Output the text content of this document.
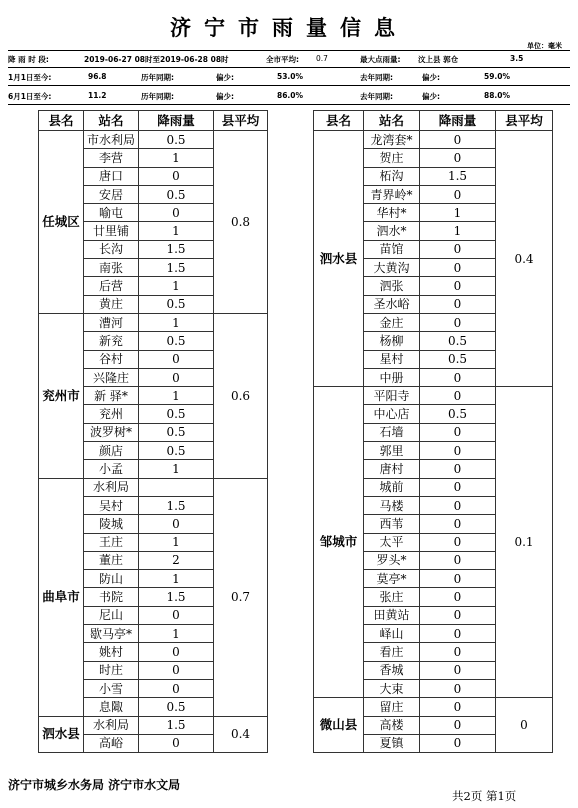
济宁市雨量信息
单位：毫米
降 雨 时 段:	2019-06-27 08时至2019-06-28 08时	全市平均: 0.7	最大点雨量: 汶上县 郭仓	3.5
1月1日至今:	96.8	历年同期:	偏少:	53.0%	去年同期:	偏少:	59.0%
6月1日至今:	11.2	历年同期:	偏少:	86.0%	去年同期:	偏少:	88.0%
县名	站名	降雨量	县平均
任城区	市水利局	0.5	0.8
	李营	1	
	唐口	0	
	安居	0.5	
	喻屯	0	
	廿里铺	1	
	长沟	1.5	
	南张	1.5	
	后营	1	
	黄庄	0.5	
兖州市	漕河	1	0.6
	新兖	0.5	
	谷村	0	
	兴隆庄	0	
	新 驿*	1	
	兖州	0.5	
	波罗树*	0.5	
	颜店	0.5	
	小孟	1	
曲阜市	水利局		0.7
	吴村	1.5	
	陵城	0	
	王庄	1	
	董庄	2	
	防山	1	
	书院	1.5	
	尼山	0	
	歇马亭*	1	
	姚村	0	
	时庄	0	
	小雪	0	
	息陬	0.5	
泗水县	水利局	1.5	0.4
	高峪	0	
县名	站名	降雨量	县平均
泗水县	龙湾套*	0	0.4
	贺庄	0	
	柘沟	1.5	
	青界岭*	0	
	华村*	1	
	泗水*	1	
	苗馆	0	
	大黄沟	0	
	泗张	0	
	圣水峪	0	
	金庄	0	
	杨柳	0.5	
	星村	0.5	
	中册	0	
邹城市	平阳寺	0	0.1
	中心店	0.5	
	石墙	0	
	郭里	0	
	唐村	0	
	城前	0	
	马楼	0	
	西苇	0	
	太平	0	
	罗头*	0	
	莫亭*	0	
	张庄	0	
	田黄站	0	
	峄山	0	
	看庄	0	
	香城	0	
	大束	0	
微山县	留庄	0	0
	高楼	0	
	夏镇	0	
济宁市城乡水务局 济宁市水文局
共2页 第1页
